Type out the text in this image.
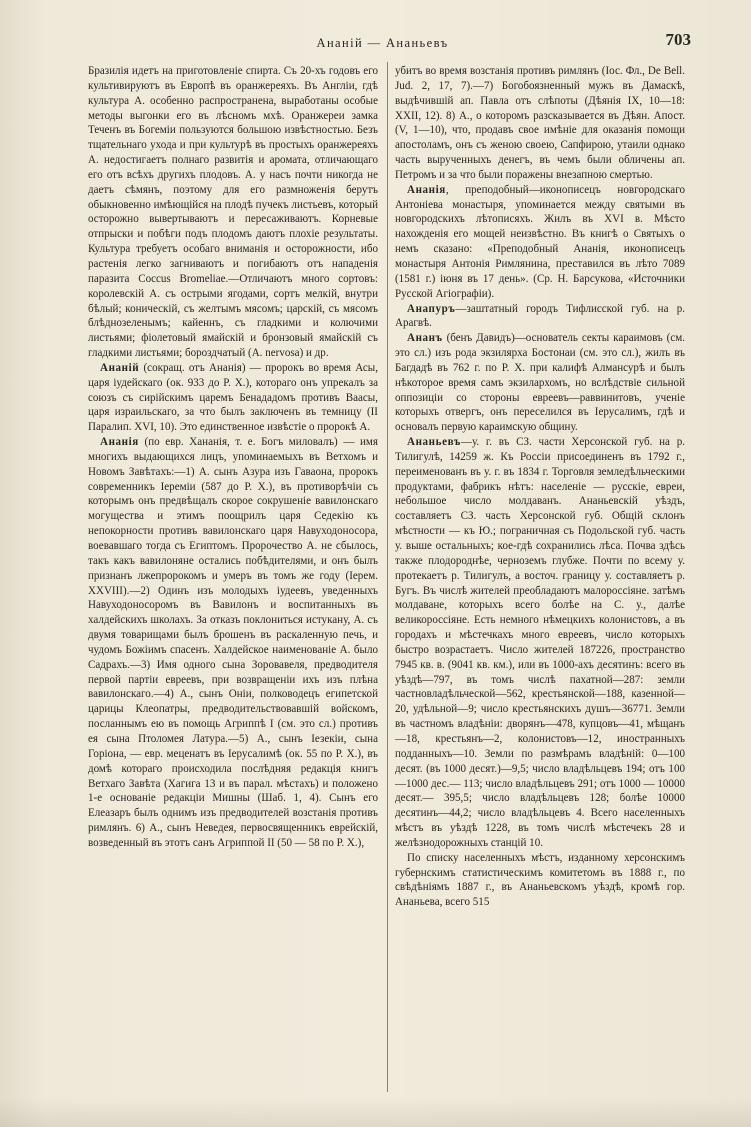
Ананій — Ананьевъ	703

Бразилія идетъ на приготовленіе спирта. Съ 20-хъ годовъ его культивируютъ въ Европѣ въ оранжереяхъ. Въ Англіи, гдѣ культура А. особенно распространена, выработаны особые методы выгонки его въ лѣсномъ мхѣ. Оранжереи замка Теченъ въ Богеміи пользуются большою извѣстностью. Безъ тщательнаго ухода и при культурѣ въ простыхъ оранжереяхъ А. недостигаетъ полнаго развитія и аромата, отличающаго его отъ всѣхъ другихъ плодовъ. А. у насъ почти никогда не даетъ сѣмянъ, поэтому для его размноженія берутъ обыкновенно имѣющійся на плодѣ пучекъ листьевъ, который осторожно вывертываютъ и пересаживаютъ. Корневые отпрыски и побѣги подъ плодомъ даютъ плохіе результаты. Культура требуетъ особаго вниманія и осторожности, ибо растенія легко загниваютъ и погибаютъ отъ нападенія паразита Coccus Bromeliae.—Отличаютъ много сортовъ: королевскій А. съ острыми ягодами, сортъ мелкій, внутри бѣлый; коническій, съ желтымъ мясомъ; царскій, съ мясомъ блѣднозеленымъ; кайеннъ, съ гладкими и колючими листьями; фіолетовый ямайскій и бронзовый ямайскій съ гладкими листьями; бороздчатый (A. nervosa) и др.

Ананій (сокращ. отъ Ананія) — пророкъ во время Асы, царя іудейскаго (ок. 933 до Р. Х.), котораго онъ упрекалъ за союзъ съ сирійскимъ царемъ Бенададомъ противъ Ваасы, царя израильскаго, за что былъ заключенъ въ темницу (II Паралип. XVI, 10). Это единственное извѣстіе о пророкѣ А.

Ананія (по евр. Хананія, т. е. Богъ миловалъ) — имя многихъ выдающихся лицъ, упоминаемыхъ въ Ветхомъ и Новомъ Завѣтахъ:—1) А. сынъ Азура изъ Гаваона, пророкъ современникъ Іереміи (587 до Р. Х.), въ противорѣчіи съ которымъ онъ предвѣщалъ скорое сокрушеніе вавилонскаго могущества и этимъ поощрилъ царя Седекію къ непокорности противъ вавилонскаго царя Навуходоносора, воевавшаго тогда съ Египтомъ. Пророчество А. не сбылось, такъ какъ вавилоняне остались побѣдителями, и онъ былъ признанъ лжепророкомъ и умеръ въ томъ же году (Іерем. XXVIII).—2) Одинъ изъ молодыхъ іудеевъ, уведенныхъ Навуходоносоромъ въ Вавилонъ и воспитанныхъ въ халдейскихъ школахъ. За отказъ поклониться истукану, А. съ двумя товарищами былъ брошенъ въ раскаленную печь, и чудомъ Божіимъ спасенъ. Халдейское наименованіе А. было Садрахъ.—3) Имя одного сына Зоровавеля, предводителя первой партіи евреевъ, при возвращеніи ихъ изъ плѣна вавилонскаго.—4) А., сынъ Оніи, полководецъ египетской царицы Клеопатры, предводительствовавшій войскомъ, посланнымъ ею въ помощь Агриппѣ I (см. это сл.) противъ ея сына Птоломея Латура.—5) А., сынъ Іезекіи, сына Гоpiона, — евр. меценатъ въ Іерусалимѣ (ок. 55 по Р. Х.), въ домѣ котораго происходила послѣдняя редакція книгъ Ветхаго Завѣта (Хагига 13 и въ парал. мѣстахъ) и положено 1-е основаніе редакціи Мишны (Шаб. 1, 4). Сынъ его Елеазаръ былъ однимъ изъ предводителей возстанія противъ римлянъ. 6) А., сынъ Неведея, первосвященникъ еврейскій, возведенный въ этотъ санъ Агриппой II (50 — 58 по Р. Х.),

убитъ во время возстанія противъ римлянъ (Іос. Фл., De Bell. Jud. 2, 17, 7).—7) Богобоязненный мужъ въ Дамаскѣ, выдѣчившій ап. Павла отъ слѣпоты (Дѣянія IX, 10—18: XXII, 12). 8) А., о которомъ разсказывается въ Дѣян. Апост. (V, 1—10), что, продавъ свое имѣніе для оказанія помощи апостоламъ, онъ съ женою своею, Сапфирою, утаили однако часть вырученныхъ денегъ, въ чемъ были обличены ап. Петромъ и за что были поражены внезапною смертью.

Ананія, преподобный—иконописецъ новгородскаго Антоніева монастыря, упоминается между святыми въ новгородскихъ лѣтописяхъ. Жилъ въ XVI в. Мѣсто нахожденія его мощей неизвѣстно. Въ книгѣ о Святыхъ о немъ сказано: «Преподобный Ананія, иконописецъ монастыря Антонія Римлянина, преставился въ лѣто 7089 (1581 г.) іюня въ 17 день». (Ср. Н. Барсукова, «Источники Русской Агіографіи).

Анапуръ—заштатный городъ Тифлисской губ. на р. Арагвѣ.

Ананъ (бенъ Давидъ)—основатель секты караимовъ (см. это сл.) изъ рода экзилярха Бостонаи (см. это сл.), жилъ въ Багдадѣ въ 762 г. по Р. Х. при калифѣ Алмансурѣ и былъ нѣкоторое время самъ экзилархомъ, но вслѣдствіе сильной оппозиціи со стороны евреевъ—раввинитовъ, ученіе которыхъ отвергъ, онъ переселился въ Іерусалимъ, гдѣ и основалъ первую караимскую общину.

Ананьевъ—у. г. въ СЗ. части Херсонской губ. на р. Тилигулѣ, 14259 ж. Къ Россіи присоединенъ въ 1792 г., переименованъ въ у. г. въ 1834 г. Торговля земледѣльческими продуктами, фабрикъ нѣтъ: населеніе — русскіе, евреи, небольшое число молдаванъ. Ананьевскій уѣздъ, составляетъ СЗ. часть Херсонской губ. Общій склонъ мѣстности — къ Ю.; пограничная съ Подольской губ. часть у. выше остальныхъ; кое-гдѣ сохранились лѣса. Почва здѣсь также плодороднѣе, черноземъ глубже. Почти по всему у. протекаетъ р. Тилигулъ, а восточ. границу у. составляетъ р. Бугъ. Въ числѣ жителей преобладаютъ малороссіяне. затѣмъ молдаване, которыхъ всего болѣе на С. у., далѣе великороссіяне. Есть немного нѣмецкихъ колонистовъ, а въ городахъ и мѣстечкахъ много евреевъ, число которыхъ быстро возрастаетъ. Число жителей 187226, пространство 7945 кв. в. (9041 кв. км.), или въ 1000-ахъ десятинъ: всего въ уѣздѣ—797, въ томъ числѣ пахатной—287: земли частновладѣльческой—562, крестьянской—188, казенной—20, удѣльной—9; число крестьянскихъ душъ—36771. Земли въ частномъ владѣніи: дворянъ—478, купцовъ—41, мѣщанъ—18, крестьянъ—2, колонистовъ—12, иностранныхъ подданныхъ—10. Земли по размѣрамъ владѣній: 0—100 десят. (въ 1000 десят.)—9,5; число владѣльцевъ 194; отъ 100—1000 дес.— 113; число владѣльцевъ 291; отъ 1000 — 10000 десят.— 395,5; число владѣльцевъ 128; болѣе 10000 десятинъ—44,2; число владѣльцевъ 4. Всего населенныхъ мѣстъ въ уѣздѣ 1228, въ томъ числѣ мѣстечекъ 28 и желѣзнодорожныхъ станцій 10.

По списку населенныхъ мѣстъ, изданному херсонскимъ губернскимъ статистическимъ комитетомъ въ 1888 г., по свѣдѣніямъ 1887 г., въ Ананьевскомъ уѣздѣ, кромѣ гор. Ананьева, всего 515
